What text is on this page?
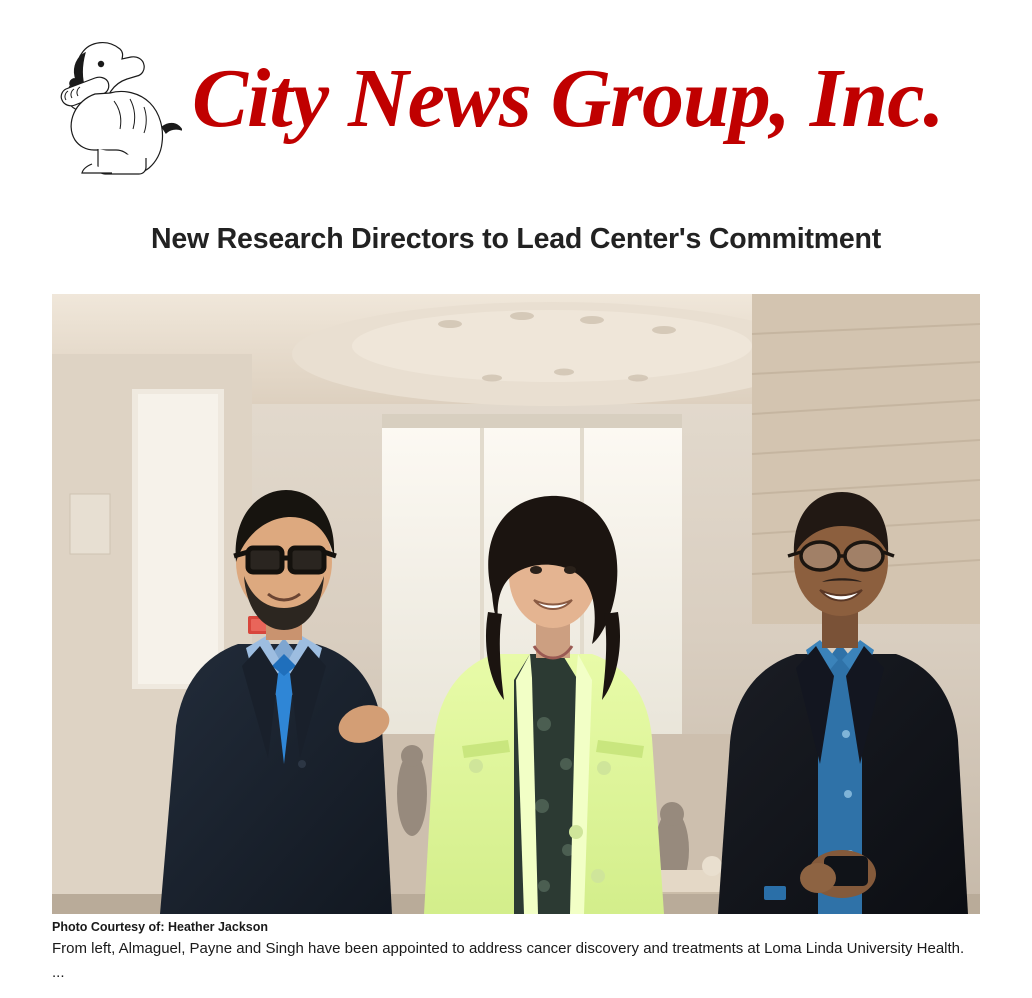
City News Group, Inc.
New Research Directors to Lead Center's Commitment
Photo Courtesy of: Heather Jackson
From left, Almaguel, Payne and Singh have been appointed to address cancer discovery and treatments at Loma Linda University Health. ...
